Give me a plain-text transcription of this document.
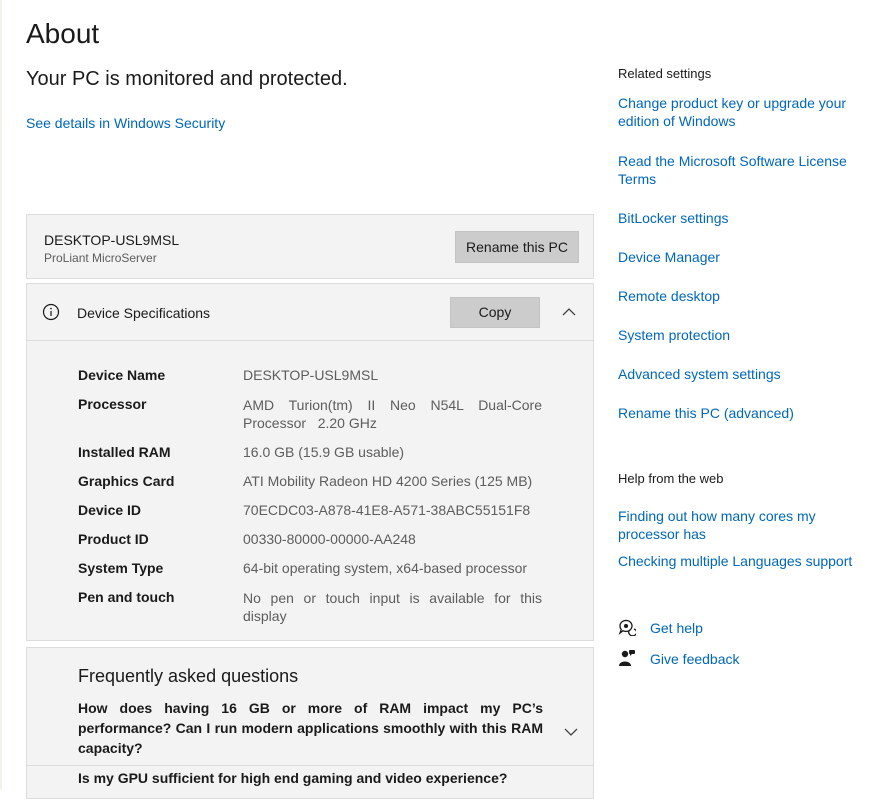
About
Your PC is monitored and protected.
See details in Windows Security
DESKTOP-USL9MSL
ProLiant MicroServer
Rename this PC
Device Specifications	Copy
Device Name	DESKTOP-USL9MSL
Processor	AMD Turion(tm) II Neo N54L Dual-Core Processor   2.20 GHz
Installed RAM	16.0 GB (15.9 GB usable)
Graphics Card	ATI Mobility Radeon HD 4200 Series (125 MB)
Device ID	70ECDC03-A878-41E8-A571-38ABC55151F8
Product ID	00330-80000-00000-AA248
System Type	64-bit operating system, x64-based processor
Pen and touch	No pen or touch input is available for this display
Frequently asked questions
How does having 16 GB or more of RAM impact my PC’s performance? Can I run modern applications smoothly with this RAM capacity?
Is my GPU sufficient for high end gaming and video experience?
Related settings
Change product key or upgrade your edition of Windows
Read the Microsoft Software License Terms
BitLocker settings
Device Manager
Remote desktop
System protection
Advanced system settings
Rename this PC (advanced)
Help from the web
Finding out how many cores my processor has
Checking multiple Languages support
Get help
Give feedback
